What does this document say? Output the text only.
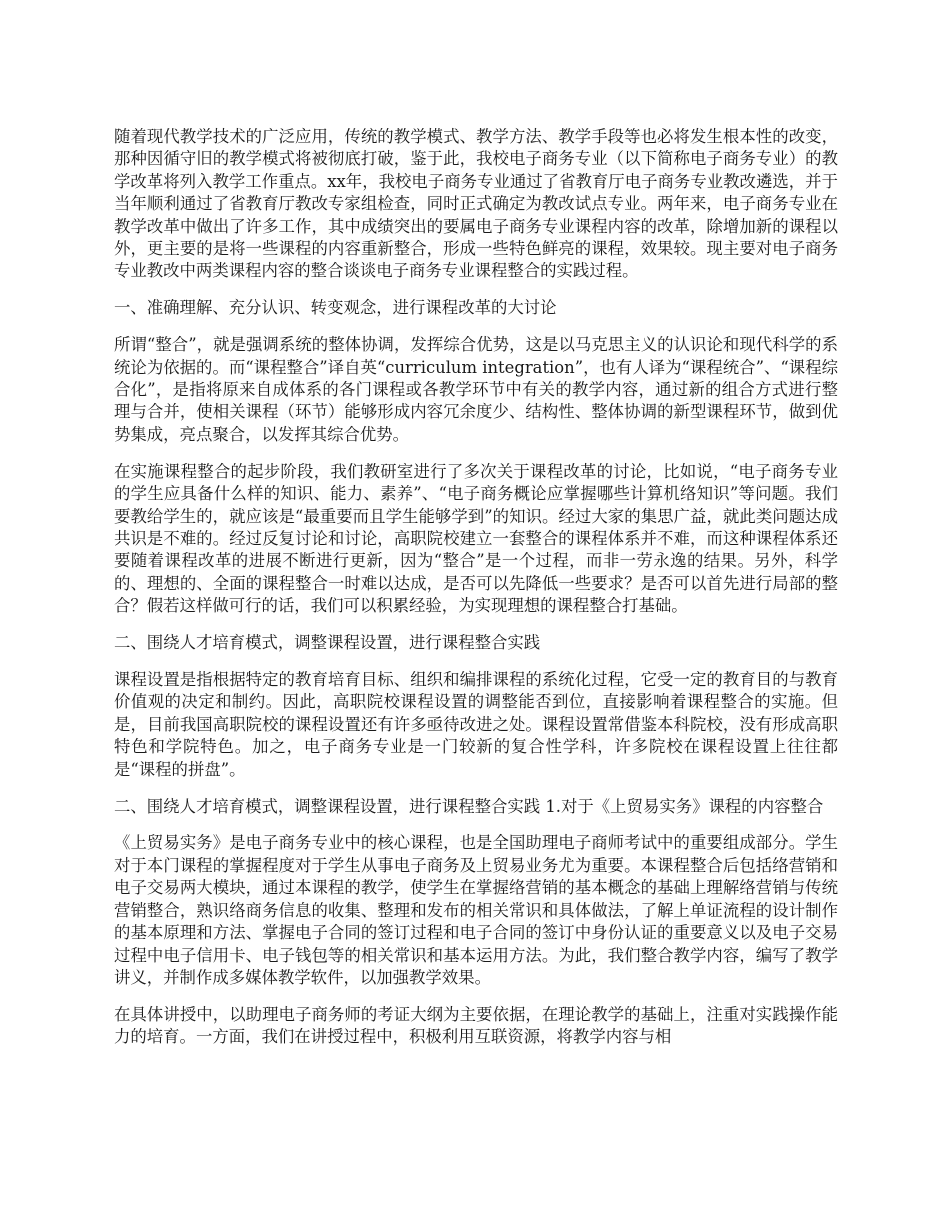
随着现代教学技术的广泛应用，传统的教学模式、教学方法、教学手段等也必将发生根本性的改变，那种因循守旧的教学模式将被彻底打破，鉴于此，我校电子商务专业（以下简称电子商务专业）的教学改革将列入教学工作重点。xx年，我校电子商务专业通过了省教育厅电子商务专业教改遴选，并于当年顺利通过了省教育厅教改专家组检查，同时正式确定为教改试点专业。两年来，电子商务专业在教学改革中做出了许多工作，其中成绩突出的要属电子商务专业课程内容的改革，除增加新的课程以外，更主要的是将一些课程的内容重新整合，形成一些特色鲜亮的课程，效果较。现主要对电子商务专业教改中两类课程内容的整合谈谈电子商务专业课程整合的实践过程。

一、准确理解、充分认识、转变观念，进行课程改革的大讨论

所谓“整合”，就是强调系统的整体协调，发挥综合优势，这是以马克思主义的认识论和现代科学的系统论为依据的。而“课程整合”译自英“curriculum integration”，也有人译为“课程统合”、“课程综合化”，是指将原来自成体系的各门课程或各教学环节中有关的教学内容，通过新的组合方式进行整理与合并，使相关课程（环节）能够形成内容冗余度少、结构性、整体协调的新型课程环节，做到优势集成，亮点聚合，以发挥其综合优势。

在实施课程整合的起步阶段，我们教研室进行了多次关于课程改革的讨论，比如说，“电子商务专业的学生应具备什么样的知识、能力、素养”、“电子商务概论应掌握哪些计算机络知识”等问题。我们要教给学生的，就应该是“最重要而且学生能够学到”的知识。经过大家的集思广益，就此类问题达成共识是不难的。经过反复讨论和讨论，高职院校建立一套整合的课程体系并不难，而这种课程体系还要随着课程改革的进展不断进行更新，因为“整合”是一个过程，而非一劳永逸的结果。另外，科学的、理想的、全面的课程整合一时难以达成，是否可以先降低一些要求？是否可以首先进行局部的整合？假若这样做可行的话，我们可以积累经验，为实现理想的课程整合打基础。

二、围绕人才培育模式，调整课程设置，进行课程整合实践

课程设置是指根据特定的教育培育目标、组织和编排课程的系统化过程，它受一定的教育目的与教育价值观的决定和制约。因此，高职院校课程设置的调整能否到位，直接影响着课程整合的实施。但是，目前我国高职院校的课程设置还有许多亟待改进之处。课程设置常借鉴本科院校，没有形成高职特色和学院特色。加之，电子商务专业是一门较新的复合性学科，许多院校在课程设置上往往都是“课程的拼盘”。

二、围绕人才培育模式，调整课程设置，进行课程整合实践 1.对于《上贸易实务》课程的内容整合

《上贸易实务》是电子商务专业中的核心课程，也是全国助理电子商师考试中的重要组成部分。学生对于本门课程的掌握程度对于学生从事电子商务及上贸易业务尤为重要。本课程整合后包括络营销和电子交易两大模块，通过本课程的教学，使学生在掌握络营销的基本概念的基础上理解络营销与传统营销整合，熟识络商务信息的收集、整理和发布的相关常识和具体做法，了解上单证流程的设计制作的基本原理和方法、掌握电子合同的签订过程和电子合同的签订中身份认证的重要意义以及电子交易过程中电子信用卡、电子钱包等的相关常识和基本运用方法。为此，我们整合教学内容，编写了教学讲义，并制作成多媒体教学软件，以加强教学效果。

在具体讲授中，以助理电子商务师的考证大纲为主要依据，在理论教学的基础上，注重对实践操作能力的培育。一方面，我们在讲授过程中，积极利用互联资源，将教学内容与相
